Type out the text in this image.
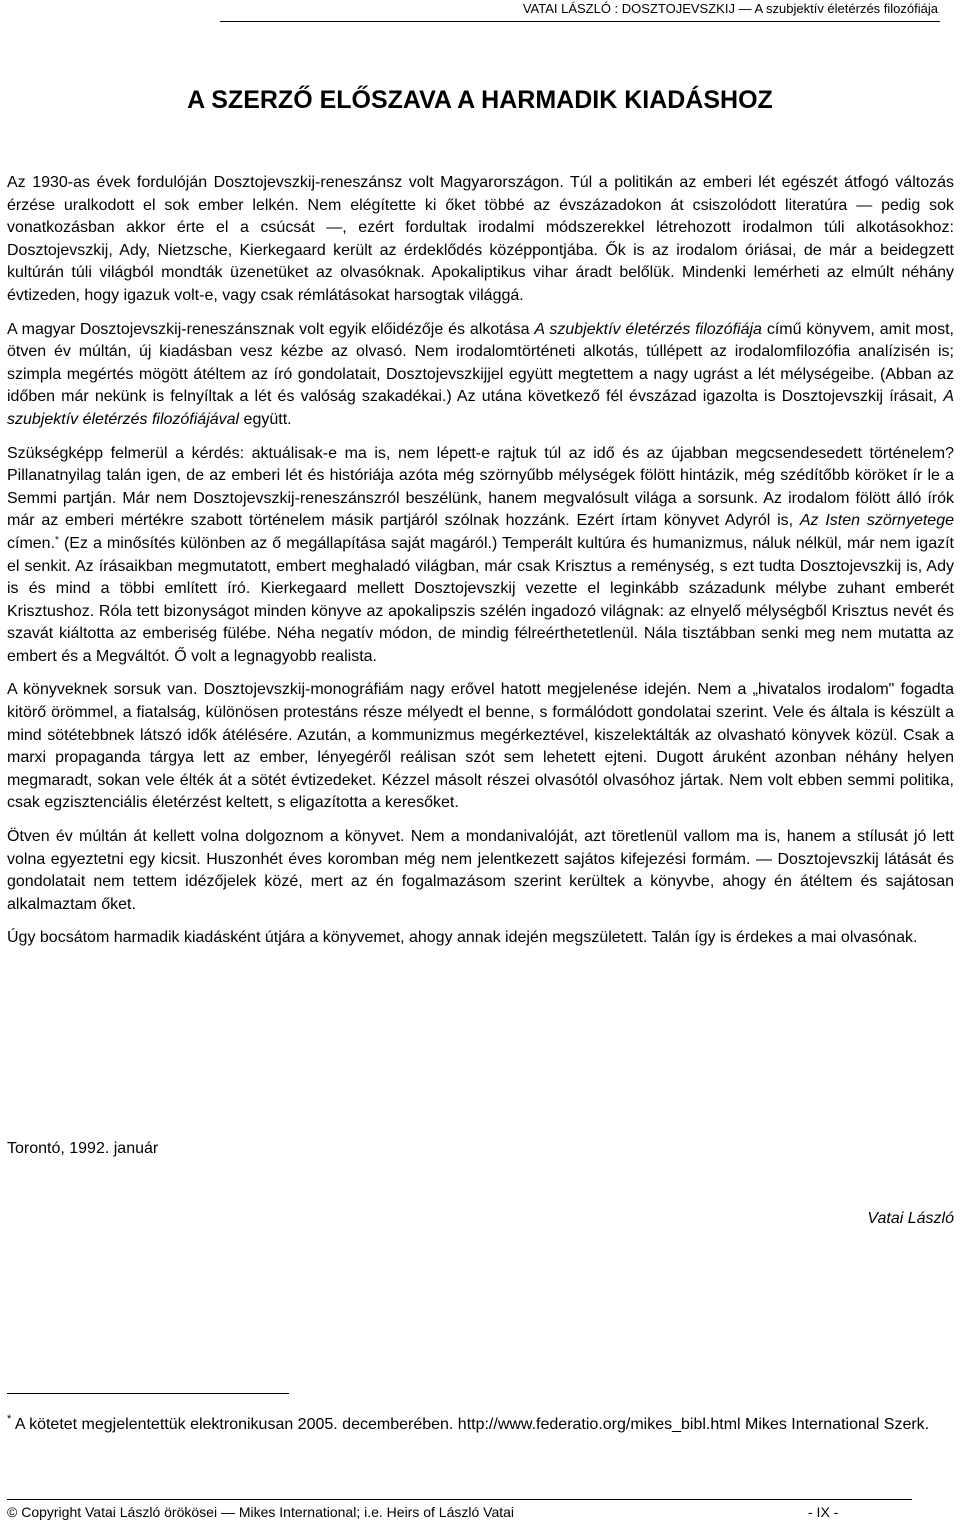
VATAI LÁSZLÓ : DOSZTOJEVSZKIJ — A szubjektív életérzés filozófiája
A SZERZŐ ELŐSZAVA A HARMADIK KIADÁSHOZ

Az 1930-as évek fordulóján Dosztojevszkij-reneszánsz volt Magyarországon. Túl a politikán az emberi lét egészét átfogó változás érzése uralkodott el sok ember lelkén. Nem elégítette ki őket többé az évszázadokon át csiszolódott literatúra — pedig sok vonatkozásban akkor érte el a csúcsát —, ezért fordultak irodalmi módszerekkel létrehozott irodalmon túli alkotásokhoz: Dosztojevszkij, Ady, Nietzsche, Kierkegaard került az érdeklődés középpontjába. Ők is az irodalom óriásai, de már a beidegzett kultúrán túli világból mondták üzenetüket az olvasóknak. Apokaliptikus vihar áradt belőlük. Mindenki lemérheti az elmúlt néhány évtizeden, hogy igazuk volt-e, vagy csak rémlátásokat harsogtak világgá.

A magyar Dosztojevszkij-reneszánsznak volt egyik előidézője és alkotása A szubjektív életérzés filozófiája című könyvem, amit most, ötven év múltán, új kiadásban vesz kézbe az olvasó. Nem irodalomtörténeti alkotás, túllépett az irodalomfilozófia analízisén is; szimpla megértés mögött átéltem az író gondolatait, Dosztojevszkijjel együtt megtettem a nagy ugrást a lét mélységeibe. (Abban az időben már nekünk is felnyíltak a lét és valóság szakadékai.) Az utána következő fél évszázad igazolta is Dosztojevszkij írásait, A szubjektív életérzés filozófiájával együtt.

Szükségképp felmerül a kérdés: aktuálisak-e ma is, nem lépett-e rajtuk túl az idő és az újabban megcsendesedett történelem? Pillanatnyilag talán igen, de az emberi lét és históriája azóta még szörnyűbb mélységek fölött hintázik, még szédítőbb köröket ír le a Semmi partján. Már nem Dosztojevszkij-reneszánszról beszélünk, hanem megvalósult világa a sorsunk. Az irodalom fölött álló írók már az emberi mértékre szabott történelem másik partjáról szólnak hozzánk. Ezért írtam könyvet Adyról is, Az Isten szörnyetege címen.* (Ez a minősítés különben az ő megállapítása saját magáról.) Temperált kultúra és humanizmus, náluk nélkül, már nem igazít el senkit. Az írásaikban megmutatott, embert meghaladó világban, már csak Krisztus a reménység, s ezt tudta Dosztojevszkij is, Ady is és mind a többi említett író. Kierkegaard mellett Dosztojevszkij vezette el leginkább századunk mélybe zuhant emberét Krisztushoz. Róla tett bizonyságot minden könyve az apokalipszis szélén ingadozó világnak: az elnyelő mélységből Krisztus nevét és szavát kiáltotta az emberiség fülébe. Néha negatív módon, de mindig félreérthetetlenül. Nála tisztábban senki meg nem mutatta az embert és a Megváltót. Ő volt a legnagyobb realista.

A könyveknek sorsuk van. Dosztojevszkij-monográfiám nagy erővel hatott megjelenése idején. Nem a „hivatalos irodalom" fogadta kitörő örömmel, a fiatalság, különösen protestáns része mélyedt el benne, s formálódott gondolatai szerint. Vele és általa is készült a mind sötétebbnek látszó idők átélésére. Azután, a kommunizmus megérkeztével, kiszelektálták az olvasható könyvek közül. Csak a marxi propaganda tárgya lett az ember, lényegéről reálisan szót sem lehetett ejteni. Dugott áruként azonban néhány helyen megmaradt, sokan vele élték át a sötét évtizedeket. Kézzel másolt részei olvasótól olvasóhoz jártak. Nem volt ebben semmi politika, csak egzisztenciális életérzést keltett, s eligazította a keresőket.

Ötven év múltán át kellett volna dolgoznom a könyvet. Nem a mondanivalóját, azt töretlenül vallom ma is, hanem a stílusát jó lett volna egyeztetni egy kicsit. Huszonhét éves koromban még nem jelentkezett sajátos kifejezési formám. — Dosztojevszkij látását és gondolatait nem tettem idézőjelek közé, mert az én fogalmazásom szerint kerültek a könyvbe, ahogy én átéltem és sajátosan alkalmaztam őket.

Úgy bocsátom harmadik kiadásként útjára a könyvemet, ahogy annak idején megszületett. Talán így is érdekes a mai olvasónak.

Torontó, 1992. január
Vatai László
* A kötetet megjelentettük elektronikusan 2005. decemberében. http://www.federatio.org/mikes_bibl.html Mikes International Szerk.
© Copyright Vatai László örökösei — Mikes International; i.e. Heirs of László Vatai	- IX -
